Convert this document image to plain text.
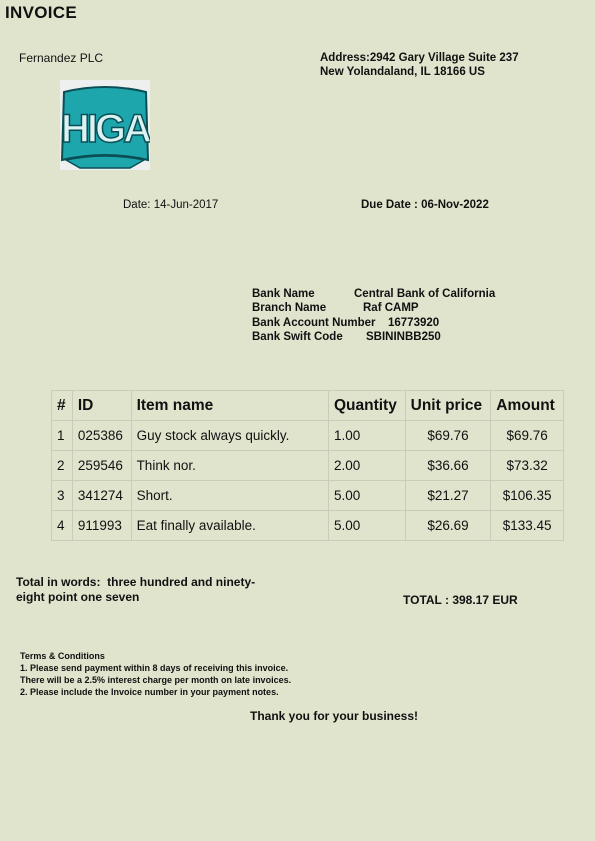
INVOICE
Fernandez PLC	Address:2942 Gary Village Suite 237
New Yolandaland, IL 18166 US
HIGA
Date: 14-Jun-2017	Due Date : 06-Nov-2022
Bank Name	Central Bank of California
Branch Name	Raf CAMP
Bank Account Number	16773920
Bank Swift Code	SBININBB250
#	ID	Item name	Quantity	Unit price	Amount
1	025386	Guy stock always quickly.	1.00	$69.76	$69.76
2	259546	Think nor.	2.00	$36.66	$73.32
3	341274	Short.	5.00	$21.27	$106.35
4	911993	Eat finally available.	5.00	$26.69	$133.45
Total in words: three hundred and ninety-eight point one seven	TOTAL : 398.17 EUR
Terms & Conditions
1. Please send payment within 8 days of receiving this invoice.
There will be a 2.5% interest charge per month on late invoices.
2. Please include the Invoice number in your payment notes.
Thank you for your business!
